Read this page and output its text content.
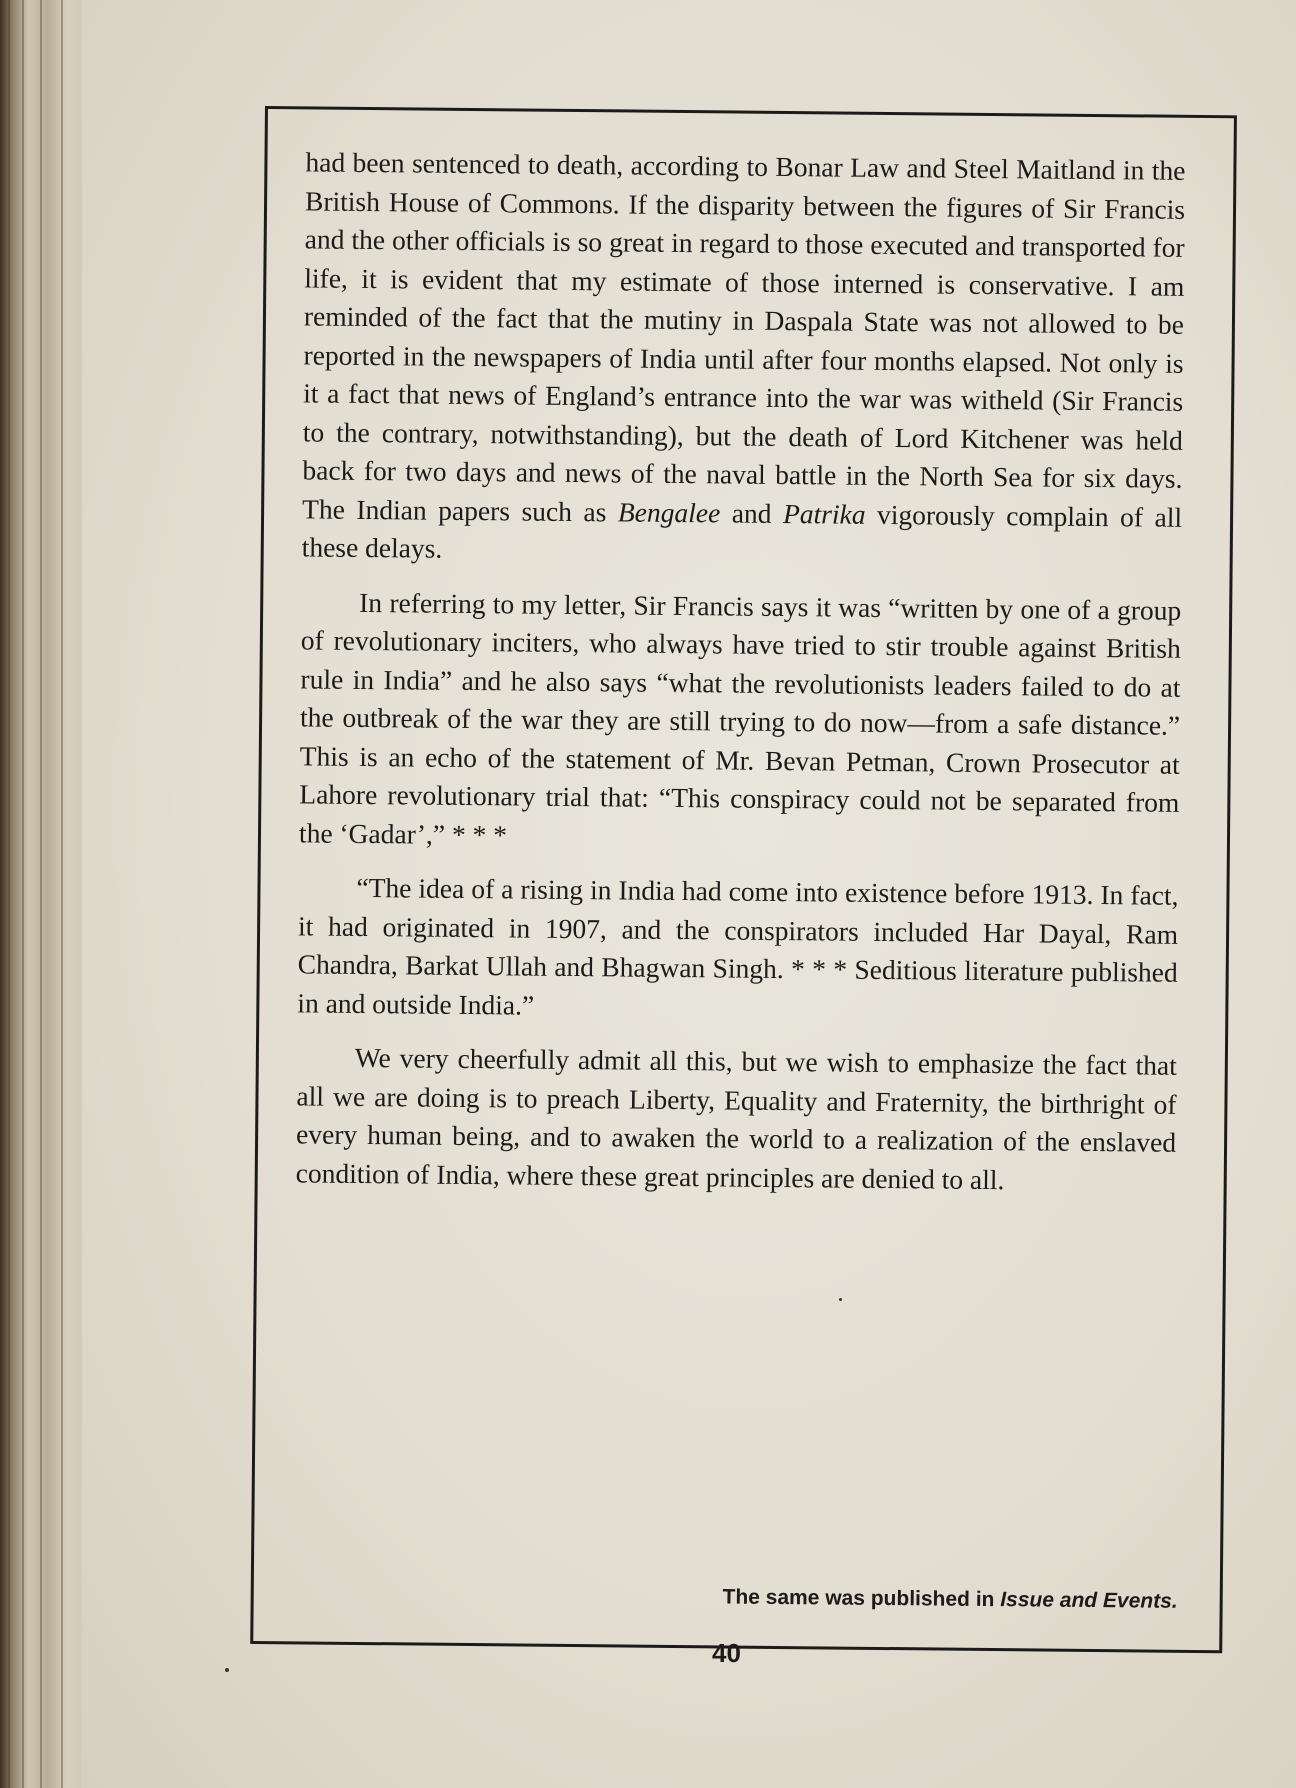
had been sentenced to death, according to Bonar Law and Steel Maitland in the British House of Commons. If the disparity between the figures of Sir Francis and the other officials is so great in regard to those executed and transported for life, it is evident that my estimate of those interned is conservative. I am reminded of the fact that the mutiny in Daspala State was not allowed to be reported in the newspapers of India until after four months elapsed. Not only is it a fact that news of England’s entrance into the war was witheld (Sir Francis to the contrary, notwithstanding), but the death of Lord Kitchener was held back for two days and news of the naval battle in the North Sea for six days. The Indian papers such as Bengalee and Patrika vigorously complain of all these delays.

In referring to my letter, Sir Francis says it was “written by one of a group of revolutionary inciters, who always have tried to stir trouble against British rule in India” and he also says “what the revolutionists leaders failed to do at the outbreak of the war they are still trying to do now—from a safe distance.” This is an echo of the statement of Mr. Bevan Petman, Crown Prosecutor at Lahore revolutionary trial that: “This conspiracy could not be separated from the ‘Gadar’,” * * *

“The idea of a rising in India had come into existence before 1913. In fact, it had originated in 1907, and the conspirators included Har Dayal, Ram Chandra, Barkat Ullah and Bhagwan Singh. * * * Seditious literature published in and outside India.”

We very cheerfully admit all this, but we wish to emphasize the fact that all we are doing is to preach Liberty, Equality and Fraternity, the birthright of every human being, and to awaken the world to a realization of the enslaved condition of India, where these great principles are denied to all.

The same was published in Issue and Events.
40
